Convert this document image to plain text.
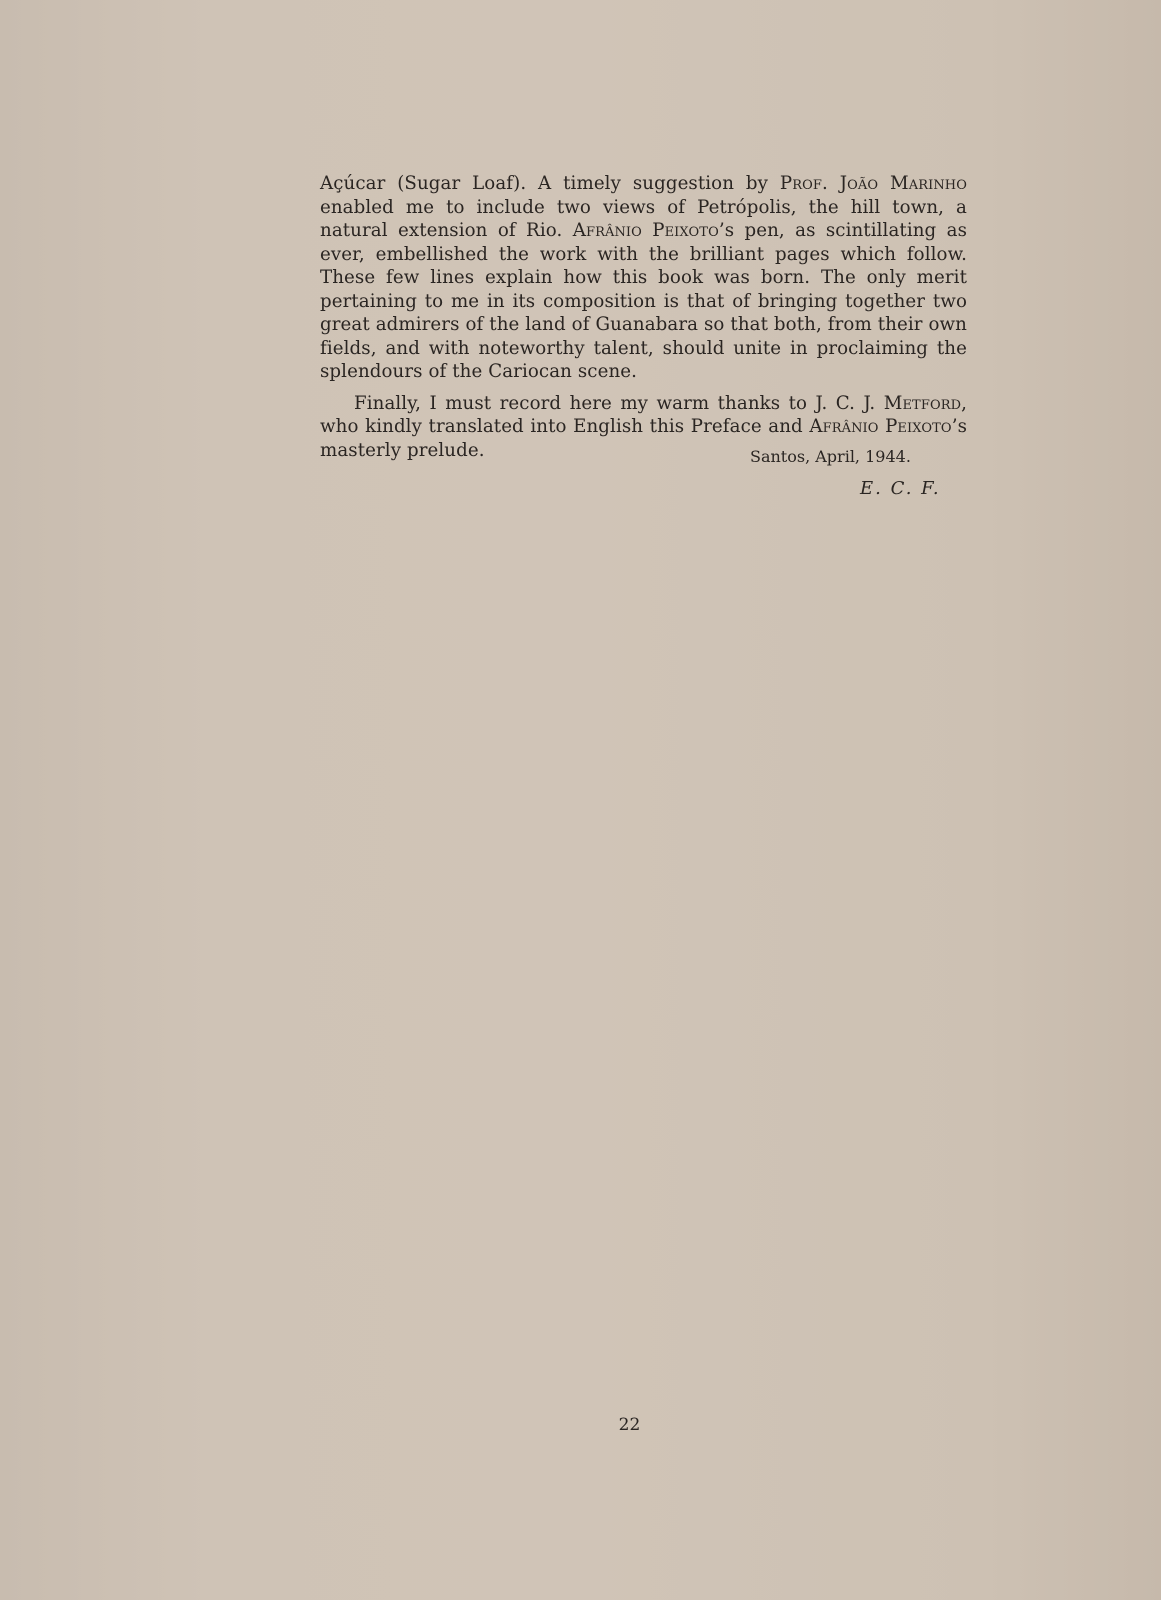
Açúcar (Sugar Loaf). A timely suggestion by Prof. João Marinho enabled me to include two views of Petrópolis, the hill town, a natural extension of Rio. Afrânio Peixoto’s pen, as scintillating as ever, embellished the work with the brilliant pages which follow. These few lines explain how this book was born. The only merit pertaining to me in its composition is that of bringing together two great admirers of the land of Guanabara so that both, from their own fields, and with noteworthy talent, should unite in proclaiming the splendours of the Cariocan scene.

Finally, I must record here my warm thanks to J. C. J. Metford, who kindly translated into English this Preface and Afrânio Peixoto’s masterly prelude.	Santos, April, 1944.
E. C. F.
22
